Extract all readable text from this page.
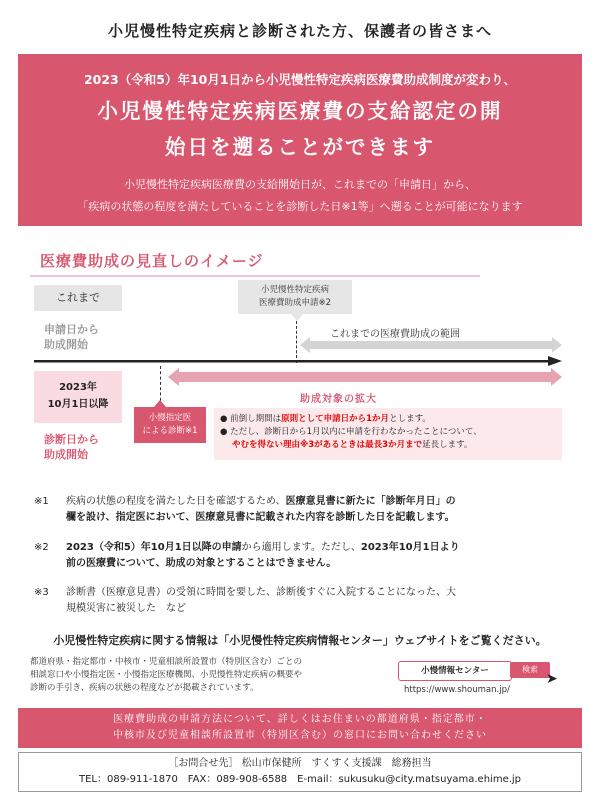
小児慢性特定疾病と診断された方、保護者の皆さまへ
2023（令和5）年10月1日から小児慢性特定疾病医療費助成制度が変わり、
小児慢性特定疾病医療費の支給認定の開
始日を遡ることができます
小児慢性特定疾病医療費の支給開始日が、これまでの「申請日」から、
「疾病の状態の程度を満たしていることを診断した日※1等」へ遡ることが可能になります
医療費助成の見直しのイメージ
これまで
申請日から
助成開始
小児慢性特定疾病
医療費助成申請※2
これまでの医療費助成の範囲
2023年
10月1日以降
診断日から
助成開始
助成対象の拡大
小慢指定医
による診断※1
● 前倒し期間は原則として申請日から1か月とします。
● ただし、診断日から1月以内に申請を行わなかったことについて、
やむを得ない理由※3があるときは最長3か月まで延長します。
※1 疾病の状態の程度を満たした日を確認するため、医療意見書に新たに「診断年月日」の
欄を設け、指定医において、医療意見書に記載された内容を診断した日を記載します。
※2 2023（令和5）年10月1日以降の申請から適用します。ただし、2023年10月1日より
前の医療費について、助成の対象とすることはできません。
※3 診断書（医療意見書）の受領に時間を要した、診断後すぐに入院することになった、大
規模災害に被災した　など
小児慢性特定疾病に関する情報は「小児慢性特定疾病情報センター」ウェブサイトをご覧ください。
都道府県・指定都市・中核市・児童相談所設置市（特別区含む）ごとの
相談窓口や小慢指定医・小慢指定医療機関、小児慢性特定疾病の概要や
診断の手引き、疾病の状態の程度などが掲載されています。
小慢情報センター	検索
➤
https://www.shouman.jp/
医療費助成の申請方法について、詳しくはお住まいの都道府県・指定都市・
中核市及び児童相談所設置市（特別区含む）の窓口にお問い合わせください
［お問合せ先］ 松山市保健所　すくすく支援課　総務担当
TEL：089-911-1870　FAX：089-908-6588　E-mail：sukusuku@city.matsuyama.ehime.jp
